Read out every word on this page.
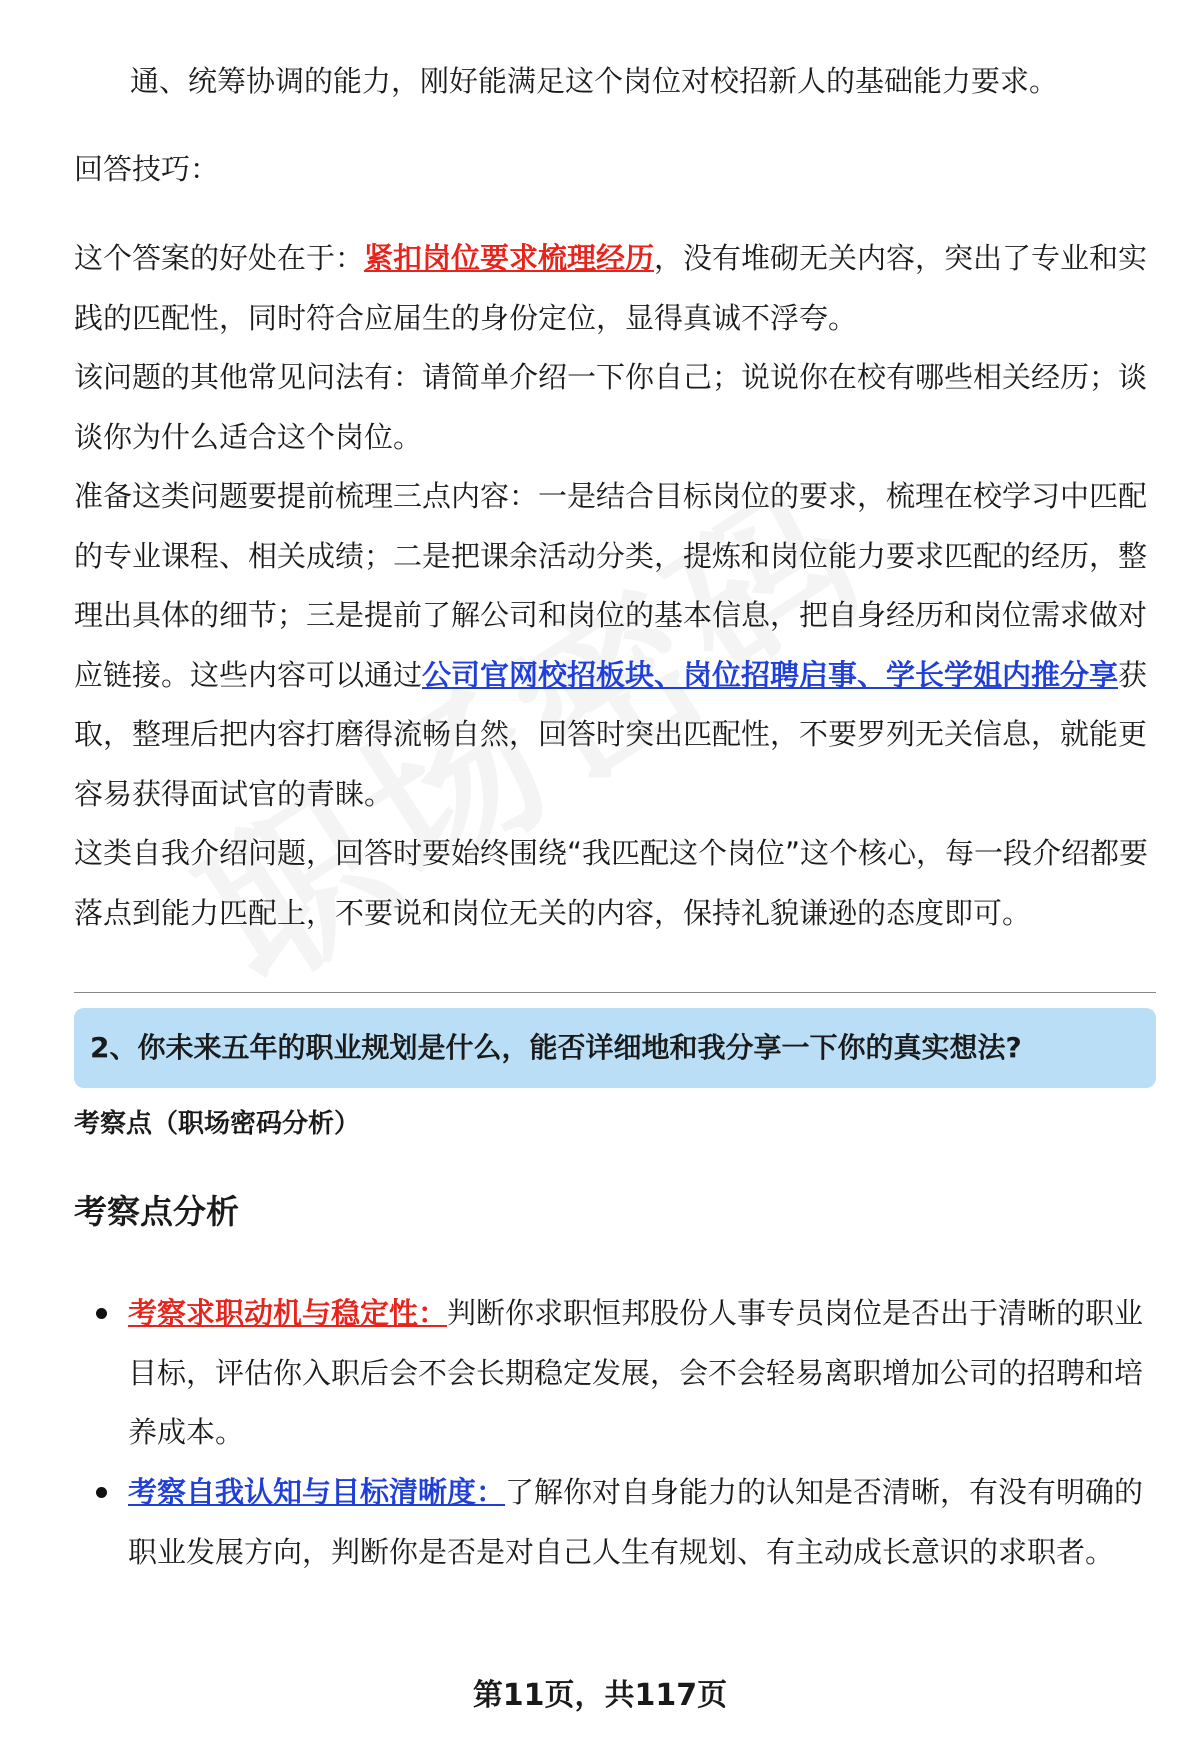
通、统筹协调的能力，刚好能满足这个岗位对校招新人的基础能力要求。

回答技巧：

这个答案的好处在于：紧扣岗位要求梳理经历，没有堆砌无关内容，突出了专业和实践的匹配性，同时符合应届生的身份定位，显得真诚不浮夸。

该问题的其他常见问法有：请简单介绍一下你自己；说说你在校有哪些相关经历；谈谈你为什么适合这个岗位。

准备这类问题要提前梳理三点内容：一是结合目标岗位的要求，梳理在校学习中匹配的专业课程、相关成绩；二是把课余活动分类，提炼和岗位能力要求匹配的经历，整理出具体的细节；三是提前了解公司和岗位的基本信息，把自身经历和岗位需求做对应链接。这些内容可以通过公司官网校招板块、岗位招聘启事、学长学姐内推分享获取，整理后把内容打磨得流畅自然，回答时突出匹配性，不要罗列无关信息，就能更容易获得面试官的青睐。

这类自我介绍问题，回答时要始终围绕“我匹配这个岗位”这个核心，每一段介绍都要落点到能力匹配上，不要说和岗位无关的内容，保持礼貌谦逊的态度即可。

2、你未来五年的职业规划是什么，能否详细地和我分享一下你的真实想法?
考察点（职场密码分析）
考察点分析

考察求职动机与稳定性：判断你求职恒邦股份人事专员岗位是否出于清晰的职业目标，评估你入职后会不会长期稳定发展，会不会轻易离职增加公司的招聘和培养成本。

考察自我认知与目标清晰度：了解你对自身能力的认知是否清晰，有没有明确的职业发展方向，判断你是否是对自己人生有规划、有主动成长意识的求职者。

第11页，共117页
